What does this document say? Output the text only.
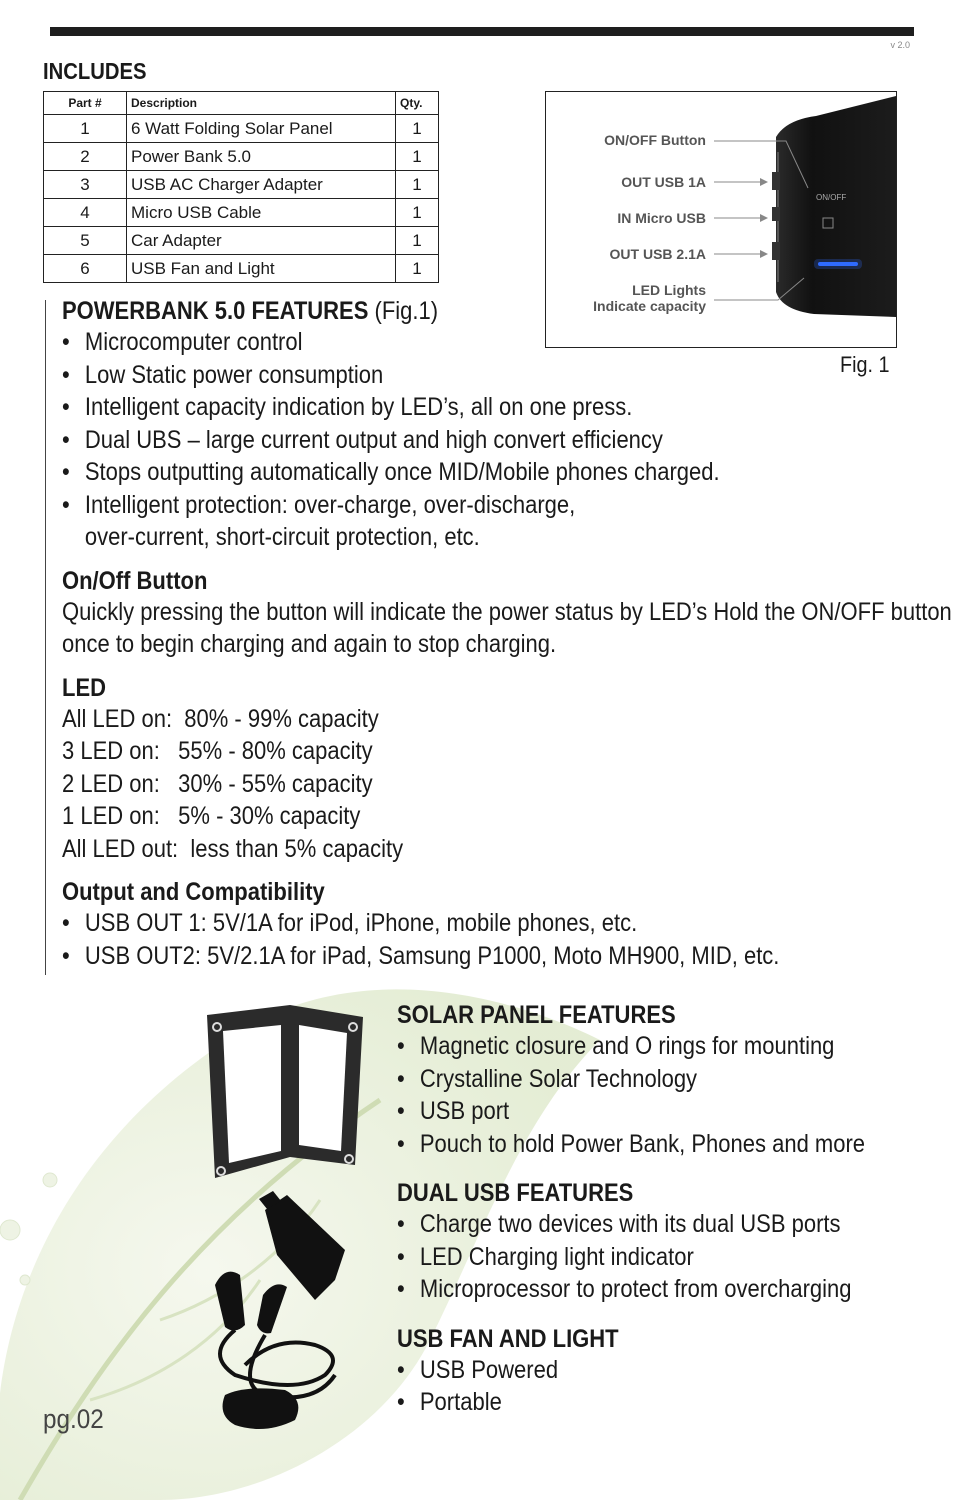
v 2.0
INCLUDES
Part #	Description	Qty.
1	6 Watt Folding Solar Panel	1
2	Power Bank 5.0	1
3	USB AC Charger Adapter	1
4	Micro USB Cable	1
5	Car Adapter	1
6	USB Fan and Light	1
ON/OFF
ON/OFF Button
OUT USB 1A
IN Micro USB
OUT USB 2.1A
LED Lights
Indicate capacity
Fig. 1
POWERBANK 5.0 FEATURES (Fig.1)
• Microcomputer control
• Low Static power consumption
• Intelligent capacity indication by LED’s, all on one press.
• Dual UBS – large current output and high convert efficiency
• Stops outputting automatically once MID/Mobile phones charged.
• Intelligent protection: over-charge, over-discharge,
over-current, short-circuit protection, etc.
On/Off Button
Quickly pressing the button will indicate the power status by LED’s Hold the ON/OFF button
once to begin charging and again to stop charging.
LED
All LED on:  80% - 99% capacity
3 LED on:   55% - 80% capacity
2 LED on:   30% - 55% capacity
1 LED on:   5% - 30% capacity
All LED out:  less than 5% capacity
Output and Compatibility
• USB OUT 1: 5V/1A for iPod, iPhone, mobile phones, etc.
• USB OUT2: 5V/2.1A for iPad, Samsung P1000, Moto MH900, MID, etc.
SOLAR PANEL FEATURES
• Magnetic closure and O rings for mounting
• Crystalline Solar Technology
• USB port
• Pouch to hold Power Bank, Phones and more
DUAL USB FEATURES
• Charge two devices with its dual USB ports
• LED Charging light indicator
• Microprocessor to protect from overcharging
USB FAN AND LIGHT
• USB Powered
• Portable
pg.02
